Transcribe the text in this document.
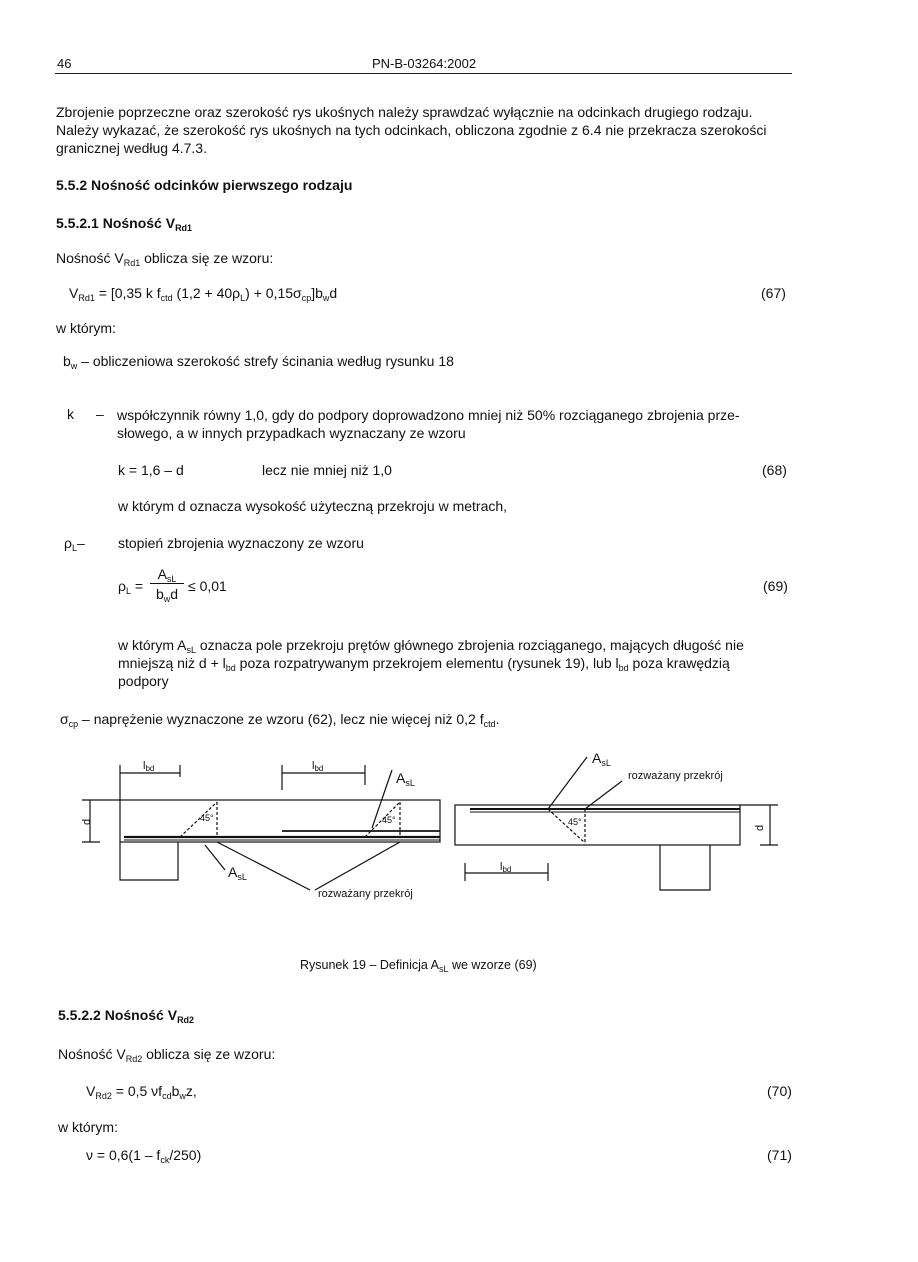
46	PN-B-03264:2002
Zbrojenie poprzeczne oraz szerokość rys ukośnych należy sprawdzać wyłącznie na odcinkach drugiego rodzaju.
Należy wykazać, że szerokość rys ukośnych na tych odcinkach, obliczona zgodnie z 6.4 nie przekracza szerokości
granicznej według 4.7.3.
5.5.2 Nośność odcinków pierwszego rodzaju
5.5.2.1 Nośność $V_{Rd1}$
Nośność $V_{Rd1}$ oblicza się ze wzoru:
$V_{Rd1} = [0,35$ k $f_{ctd}$ $(1,2 + 40\rho_L) + 0,15\sigma_{cp}]b_wd$	(67)
w którym:
$b_w$ – obliczeniowa szerokość strefy ścinania według rysunku 18
k – współczynnik równy 1,0, gdy do podpory doprowadzono mniej niż 50% rozciąganego zbrojenia prze-
słowego, a w innych przypadkach wyznaczany ze wzoru
k = 1,6 – d	lecz nie mniej niż 1,0	(68)
w którym d oznacza wysokość użyteczną przekroju w metrach,
$\rho_L-$ stopień zbrojenia wyznaczony ze wzoru
$\rho_L$ =
$A_{sL}$
$b_wd$
≤ 0,01	(69)
w którym $A_{sL}$ oznacza pole przekroju prętów głównego zbrojenia rozciąganego, mających długość nie
mniejszą niż $d + l_{bd}$ poza rozpatrywanym przekrojem elementu (rysunek 19), lub $l_{bd}$ poza krawędzią
podpory
$\sigma_{cp}$ – naprężenie wyznaczone ze wzoru (62), lecz nie więcej niż 0,2 $f_{ctd}$.
45°	45°
lbd	lbd
$A_{sL}$
$A_{sL}$
rozważany przekrój
d	45°
$A_{sL}$
rozważany przekrój
lbd
d
Rysunek 19 – Definicja $A_{sL}$ we wzorze (69)
5.5.2.2 Nośność $V_{Rd2}$
Nośność $V_{Rd2}$ oblicza się ze wzoru:
$V_{Rd2} = 0,5$ $\nu f_{cd}b_wz$,	(70)
w którym:
$\nu = 0,6(1 - f_{ck}/250)$	(71)
